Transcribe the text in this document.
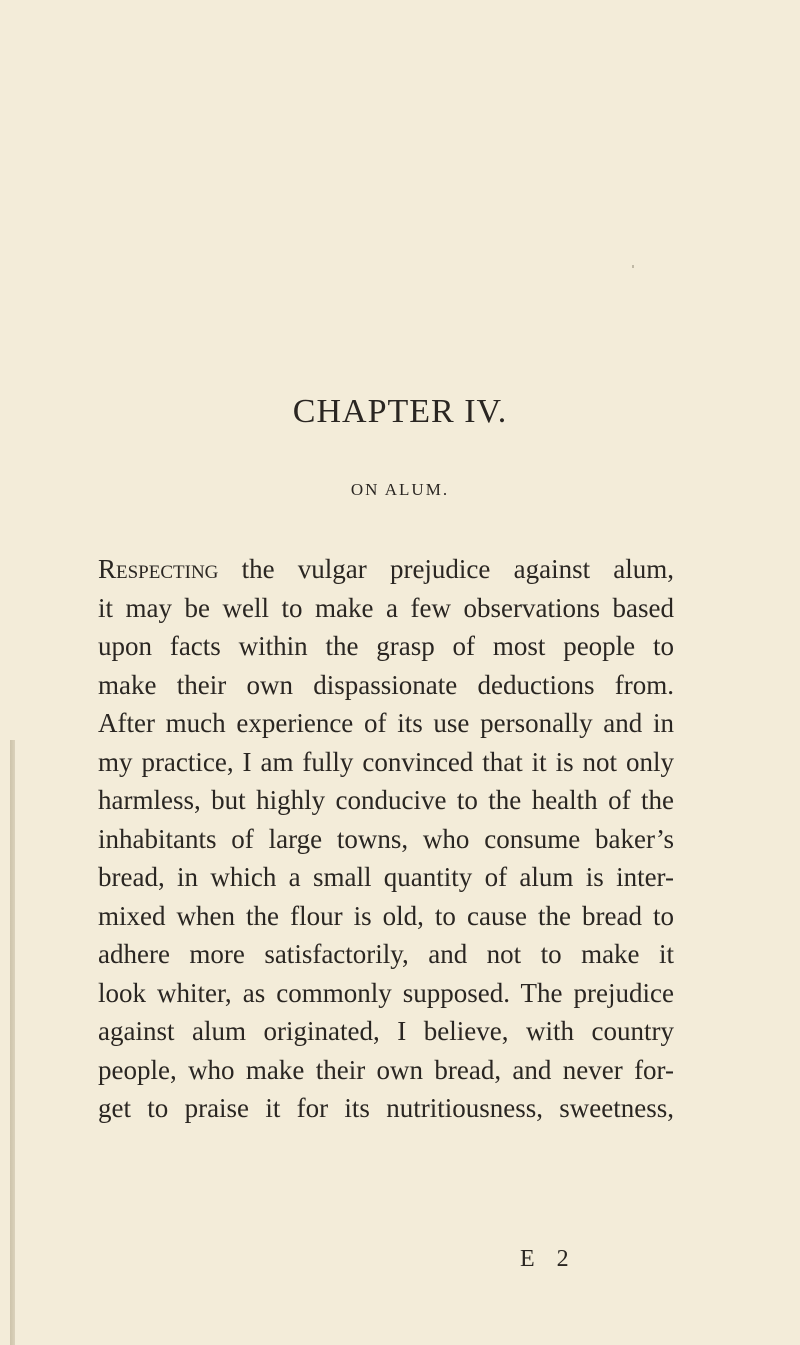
CHAPTER IV.
ON ALUM.
Respecting the vulgar prejudice against alum,
it may be well to make a few observations based
upon facts within the grasp of most people to
make their own dispassionate deductions from.
After much experience of its use personally and in
my practice, I am fully convinced that it is not only
harmless, but highly conducive to the health of the
inhabitants of large towns, who consume baker’s
bread, in which a small quantity of alum is inter-
mixed when the flour is old, to cause the bread to
adhere more satisfactorily, and not to make it
look whiter, as commonly supposed. The prejudice
against alum originated, I believe, with country
people, who make their own bread, and never for-
get to praise it for its nutritiousness, sweetness,
E 2
